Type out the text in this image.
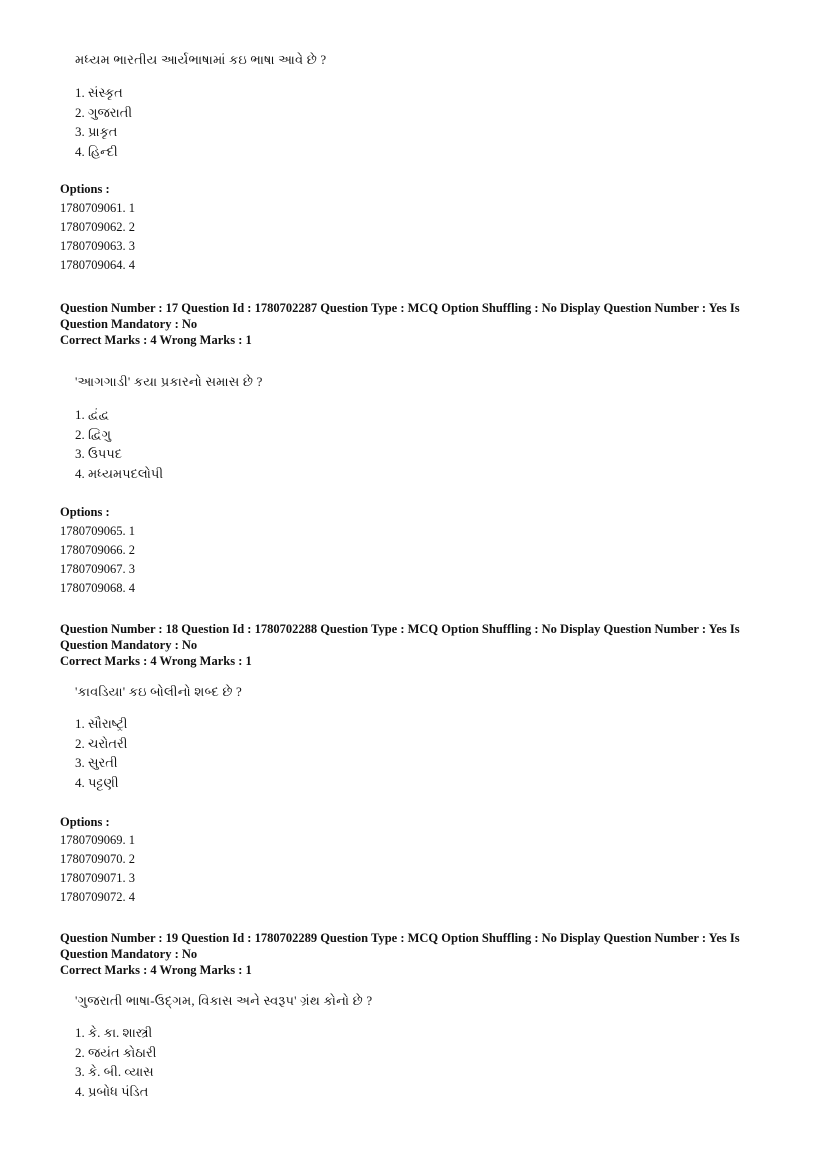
મધ્યમ ભારતીય આર્યભાષામાં કઇ ભાષા આવે છે ?
1. સંસ્કૃત
2. ગુજરાતી
3. પ્રાકૃત
4. હિન્દી
Options :
1780709061. 1
1780709062. 2
1780709063. 3
1780709064. 4
Question Number : 17 Question Id : 1780702287 Question Type : MCQ Option Shuffling : No Display Question Number : Yes Is
Question Mandatory : No
Correct Marks : 4 Wrong Marks : 1
'આગગાડી' કયા પ્રકારનો સમાસ છે ?
1. દ્વંદ્વ
2. દ્વિગુ
3. ઉપપદ
4. મધ્યમપદલોપી
Options :
1780709065. 1
1780709066. 2
1780709067. 3
1780709068. 4
Question Number : 18 Question Id : 1780702288 Question Type : MCQ Option Shuffling : No Display Question Number : Yes Is
Question Mandatory : No
Correct Marks : 4 Wrong Marks : 1
'કાવડિયા' કઇ બોલીનો શબ્દ છે ?
1. સૌરાષ્ટ્રી
2. ચરોતરી
3. સુરતી
4. પટ્ટણી
Options :
1780709069. 1
1780709070. 2
1780709071. 3
1780709072. 4
Question Number : 19 Question Id : 1780702289 Question Type : MCQ Option Shuffling : No Display Question Number : Yes Is
Question Mandatory : No
Correct Marks : 4 Wrong Marks : 1
'ગુજરાતી ભાષા-ઉદ્ગમ, વિકાસ અને સ્વરૂપ' ગ્રંથ કોનો છે ?
1. કે. કા. શાસ્ત્રી
2. જયંત કોઠારી
3. કે. બી. વ્યાસ
4. પ્રબોધ પંડિત
